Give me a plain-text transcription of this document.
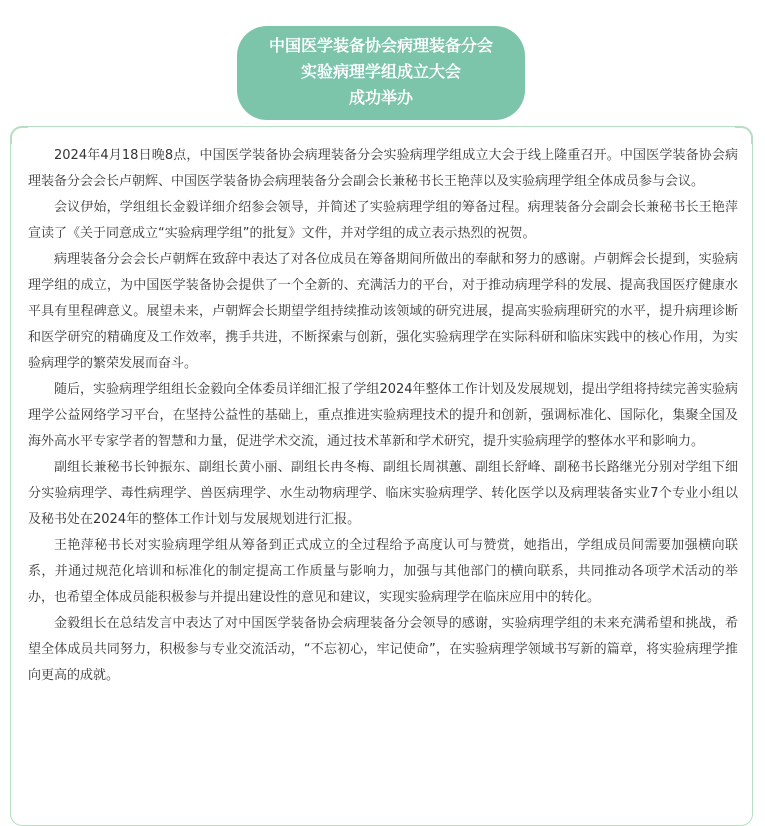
中国医学装备协会病理装备分会
实验病理学组成立大会
成功举办

2024年4月18日晚8点，中国医学装备协会病理装备分会实验病理学组成立大会于线上隆重召开。中国医学装备协会病理装备分会会长卢朝辉、中国医学装备协会病理装备分会副会长兼秘书长王艳萍以及实验病理学组全体成员参与会议。

会议伊始，学组组长金毅详细介绍参会领导，并简述了实验病理学组的筹备过程。病理装备分会副会长兼秘书长王艳萍宣读了《关于同意成立“实验病理学组”的批复》文件，并对学组的成立表示热烈的祝贺。

病理装备分会会长卢朝辉在致辞中表达了对各位成员在筹备期间所做出的奉献和努力的感谢。卢朝辉会长提到，实验病理学组的成立，为中国医学装备协会提供了一个全新的、充满活力的平台，对于推动病理学科的发展、提高我国医疗健康水平具有里程碑意义。展望未来，卢朝辉会长期望学组持续推动该领域的研究进展，提高实验病理研究的水平，提升病理诊断和医学研究的精确度及工作效率，携手共进，不断探索与创新，强化实验病理学在实际科研和临床实践中的核心作用，为实验病理学的繁荣发展而奋斗。

随后，实验病理学组组长金毅向全体委员详细汇报了学组2024年整体工作计划及发展规划，提出学组将持续完善实验病理学公益网络学习平台，在坚持公益性的基础上，重点推进实验病理技术的提升和创新，强调标准化、国际化，集聚全国及海外高水平专家学者的智慧和力量，促进学术交流，通过技术革新和学术研究，提升实验病理学的整体水平和影响力。

副组长兼秘书长钟振东、副组长黄小丽、副组长冉冬梅、副组长周祺蕙、副组长舒峰、副秘书长路继光分别对学组下细分实验病理学、毒性病理学、兽医病理学、水生动物病理学、临床实验病理学、转化医学以及病理装备实业7个专业小组以及秘书处在2024年的整体工作计划与发展规划进行汇报。

王艳萍秘书长对实验病理学组从筹备到正式成立的全过程给予高度认可与赞赏，她指出，学组成员间需要加强横向联系，并通过规范化培训和标准化的制定提高工作质量与影响力，加强与其他部门的横向联系，共同推动各项学术活动的举办，也希望全体成员能积极参与并提出建设性的意见和建议，实现实验病理学在临床应用中的转化。

金毅组长在总结发言中表达了对中国医学装备协会病理装备分会领导的感谢，实验病理学组的未来充满希望和挑战，希望全体成员共同努力，积极参与专业交流活动，“不忘初心，牢记使命”，在实验病理学领域书写新的篇章，将实验病理学推向更高的成就。
